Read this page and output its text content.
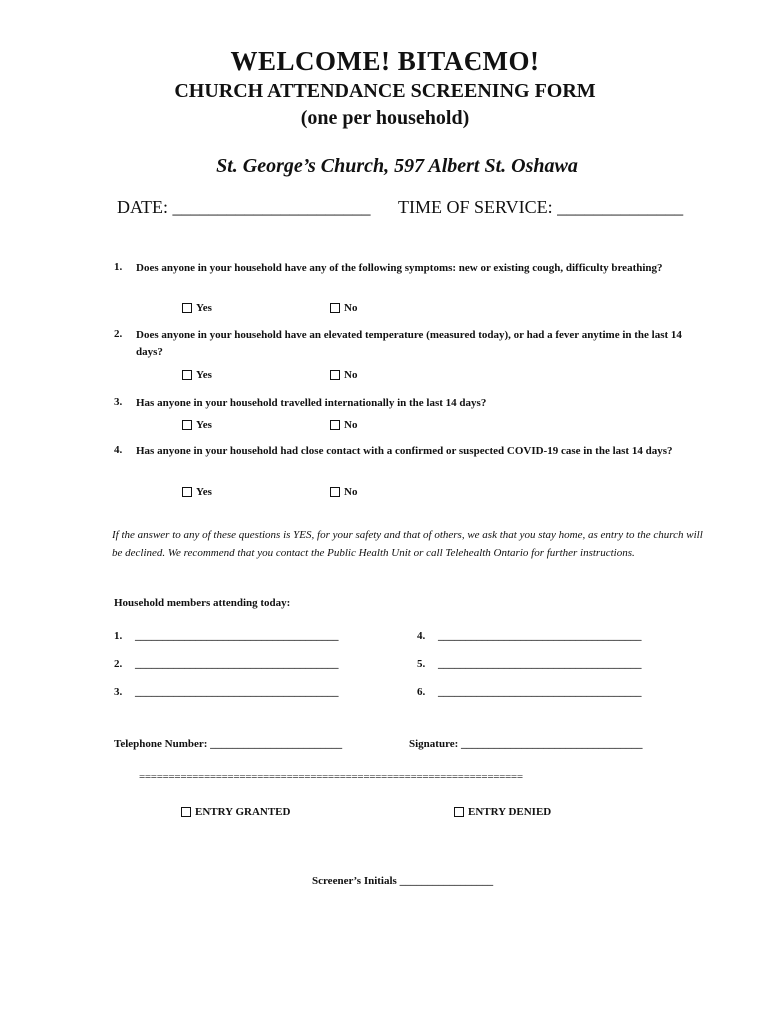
WELCOME! BITAЄMO!
CHURCH ATTENDANCE SCREENING FORM
(one per household)
St. George’s Church, 597 Albert St. Oshawa
DATE: ______________________ TIME OF SERVICE: ______________
1. Does anyone in your household have any of the following symptoms: new or existing cough, difficulty breathing?
Yes	No
2. Does anyone in your household have an elevated temperature (measured today), or had a fever anytime in the last 14 days?
Yes	No
3. Has anyone in your household travelled internationally in the last 14 days?
Yes	No
4. Has anyone in your household had close contact with a confirmed or suspected COVID-19 case in the last 14 days?
Yes	No
If the answer to any of these questions is YES, for your safety and that of others, we ask that you stay home, as entry to the church will be declined. We recommend that you contact the Public Health Unit or call Telehealth Ontario for further instructions.
Household members attending today:
1. _____________________________________
2. _____________________________________
3. _____________________________________
4. _____________________________________
5. _____________________________________
6. _____________________________________
Telephone Number: ________________________	Signature: _________________________________
=================================================================
ENTRY GRANTED	ENTRY DENIED
Screener’s Initials _________________
